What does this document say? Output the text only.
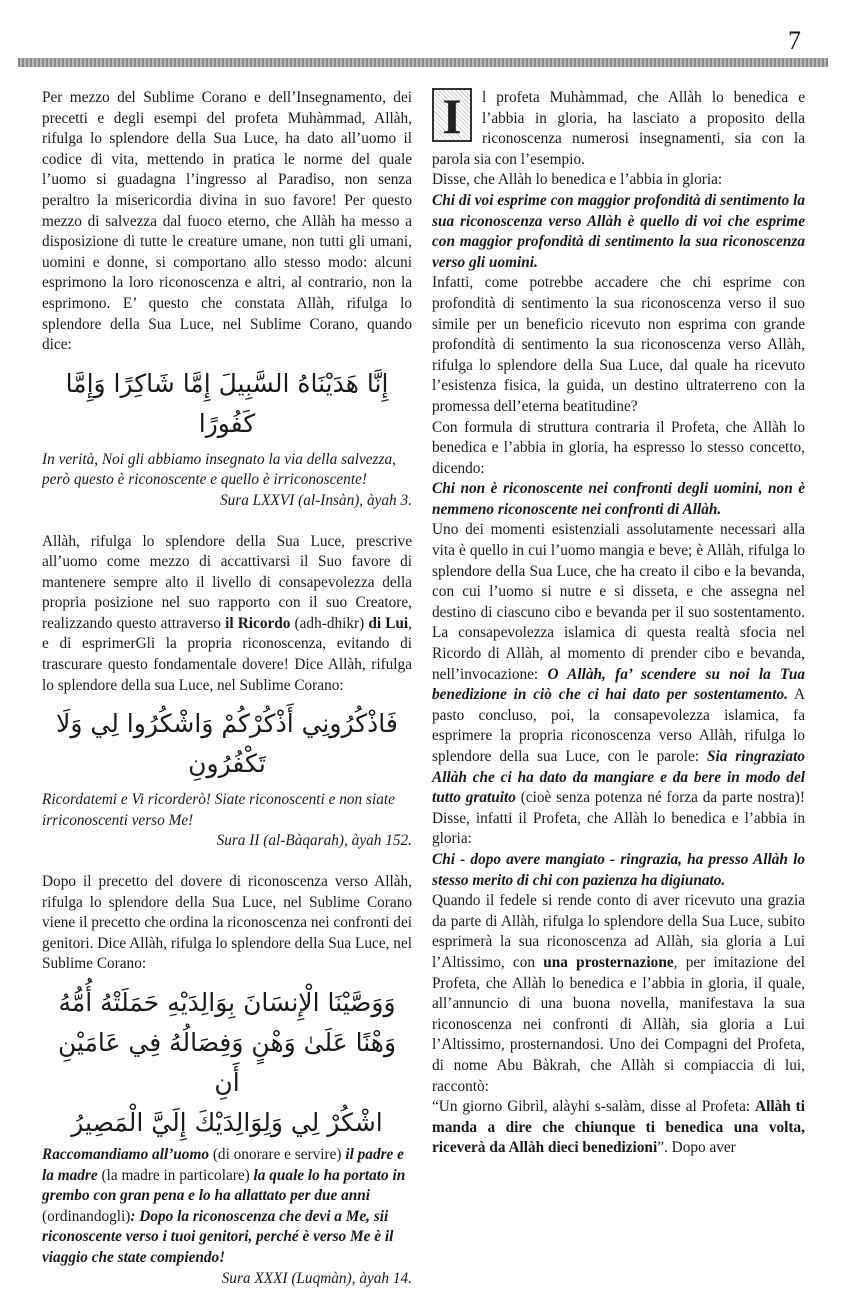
7

Per mezzo del Sublime Corano e dell’Insegnamento, dei precetti e degli esempi del profeta Muhàmmad, Allàh, rifulga lo splendore della Sua Luce, ha dato all’uomo il codice di vita, mettendo in pratica le norme del quale l’uomo si guadagna l’ingresso al Paradiso, non senza peraltro la misericordia divina in suo favore! Per questo mezzo di salvezza dal fuoco eterno, che Allàh ha messo a disposizione di tutte le creature umane, non tutti gli umani, uomini e donne, si comportano allo stesso modo: alcuni esprimono la loro riconoscenza e altri, al contrario, non la esprimono. E’ questo che constata Allàh, rifulga lo splendore della Sua Luce, nel Sublime Corano, quando dice:

إِنَّا هَدَيْنَاهُ السَّبِيلَ إِمَّا شَاكِرًا وَإِمَّا كَفُورًا

In verità, Noi gli abbiamo insegnato la via della salvezza, però questo è riconoscente e quello è irriconoscente!

Sura LXXVI (al-Insàn), àyah 3.

Allàh, rifulga lo splendore della Sua Luce, prescrive all’uomo come mezzo di accattivarsi il Suo favore di mantenere sempre alto il livello di consapevolezza della propria posizione nel suo rapporto con il suo Creatore, realizzando questo attraverso il Ricordo (adh-dhikr) di Lui, e di esprimerGli la propria riconoscenza, evitando di trascurare questo fondamentale dovere! Dice Allàh, rifulga lo splendore della sua Luce, nel Sublime Corano:

فَاذْكُرُونِي أَذْكُرْكُمْ وَاشْكُرُوا لِي وَلَا تَكْفُرُونِ

Ricordatemi e Vi ricorderò! Siate riconoscenti e non siate irriconoscenti verso Me!

Sura II (al-Bàqarah), àyah 152.

Dopo il precetto del dovere di riconoscenza verso Allàh, rifulga lo splendore della Sua Luce, nel Sublime Corano viene il precetto che ordina la riconoscenza nei confronti dei genitori. Dice Allàh, rifulga lo splendore della Sua Luce, nel Sublime Corano:

وَوَصَّيْنَا الْإِنسَانَ بِوَالِدَيْهِ حَمَلَتْهُ أُمُّهُ
وَهْنًا عَلَىٰ وَهْنٍ وَفِصَالُهُ فِي عَامَيْنِ أَنِ
اشْكُرْ لِي وَلِوَالِدَيْكَ إِلَيَّ الْمَصِيرُ

Raccomandiamo all’uomo (di onorare e servire) il padre e la madre (la madre in particolare) la quale lo ha portato in grembo con gran pena e lo ha allattato per due anni (ordinandogli): Dopo la riconoscenza che devi a Me, sii riconoscente verso i tuoi genitori, perché è verso Me è il viaggio che state compiendo!

Sura XXXI (Luqmàn), àyah 14.

I	l profeta Muhàmmad, che Allàh lo benedica e l’abbia in gloria, ha lasciato a proposito della riconoscenza numerosi insegnamenti, sia con la parola sia con l’esempio.

Disse, che Allàh lo benedica e l’abbia in gloria:

Chi di voi esprime con maggior profondità di sentimento la sua riconoscenza verso Allàh è quello di voi che esprime con maggior profondità di sentimento la sua riconoscenza verso gli uomini.

Infatti, come potrebbe accadere che chi esprime con profondità di sentimento la sua riconoscenza verso il suo simile per un beneficio ricevuto non esprima con grande profondità di sentimento la sua riconoscenza verso Allàh, rifulga lo splendore della Sua Luce, dal quale ha ricevuto l’esistenza fisica, la guida, un destino ultraterreno con la promessa dell’eterna beatitudine?

Con formula di struttura contraria il Profeta, che Allàh lo benedica e l’abbia in gloria, ha espresso lo stesso concetto, dicendo:

Chi non è riconoscente nei confronti degli uomini, non è nemmeno riconoscente nei confronti di Allàh.

Uno dei momenti esistenziali assolutamente necessari alla vita è quello in cui l’uomo mangia e beve; è Allàh, rifulga lo splendore della Sua Luce, che ha creato il cibo e la bevanda, con cui l’uomo si nutre e si disseta, e che assegna nel destino di ciascuno cibo e bevanda per il suo sostentamento. La consapevolezza islamica di questa realtà sfocia nel Ricordo di Allàh, al momento di prender cibo e bevanda, nell’invocazione: O Allàh, fa’ scendere su noi la Tua benedizione in ciò che ci hai dato per sostentamento. A pasto concluso, poi, la consapevolezza islamica, fa esprimere la propria riconoscenza verso Allàh, rifulga lo splendore della sua Luce, con le parole: Sia ringraziato Allàh che ci ha dato da mangiare e da bere in modo del tutto gratuito (cioè senza potenza né forza da parte nostra)! Disse, infatti il Profeta, che Allàh lo benedica e l’abbia in gloria:

Chi - dopo avere mangiato - ringrazia, ha presso Allàh lo stesso merito di chi con pazienza ha digiunato.

Quando il fedele si rende conto di aver ricevuto una grazia da parte di Allàh, rifulga lo splendore della Sua Luce, subito esprimerà la sua riconoscenza ad Allàh, sia gloria a Lui l’Altissimo, con una prosternazione, per imitazione del Profeta, che Allàh lo benedica e l’abbia in gloria, il quale, all’annuncio di una buona novella, manifestava la sua riconoscenza nei confronti di Allàh, sia gloria a Lui l’Altissimo, prosternandosi. Uno dei Compagni del Profeta, di nome Abu Bàkrah, che Allàh si compiaccia di lui, raccontò:

“Un giorno Gibrìl, alàyhi s-salàm, disse al Profeta: Allàh ti manda a dire che chiunque ti benedica una volta, riceverà da Allàh dieci benedizioni”. Dopo aver
